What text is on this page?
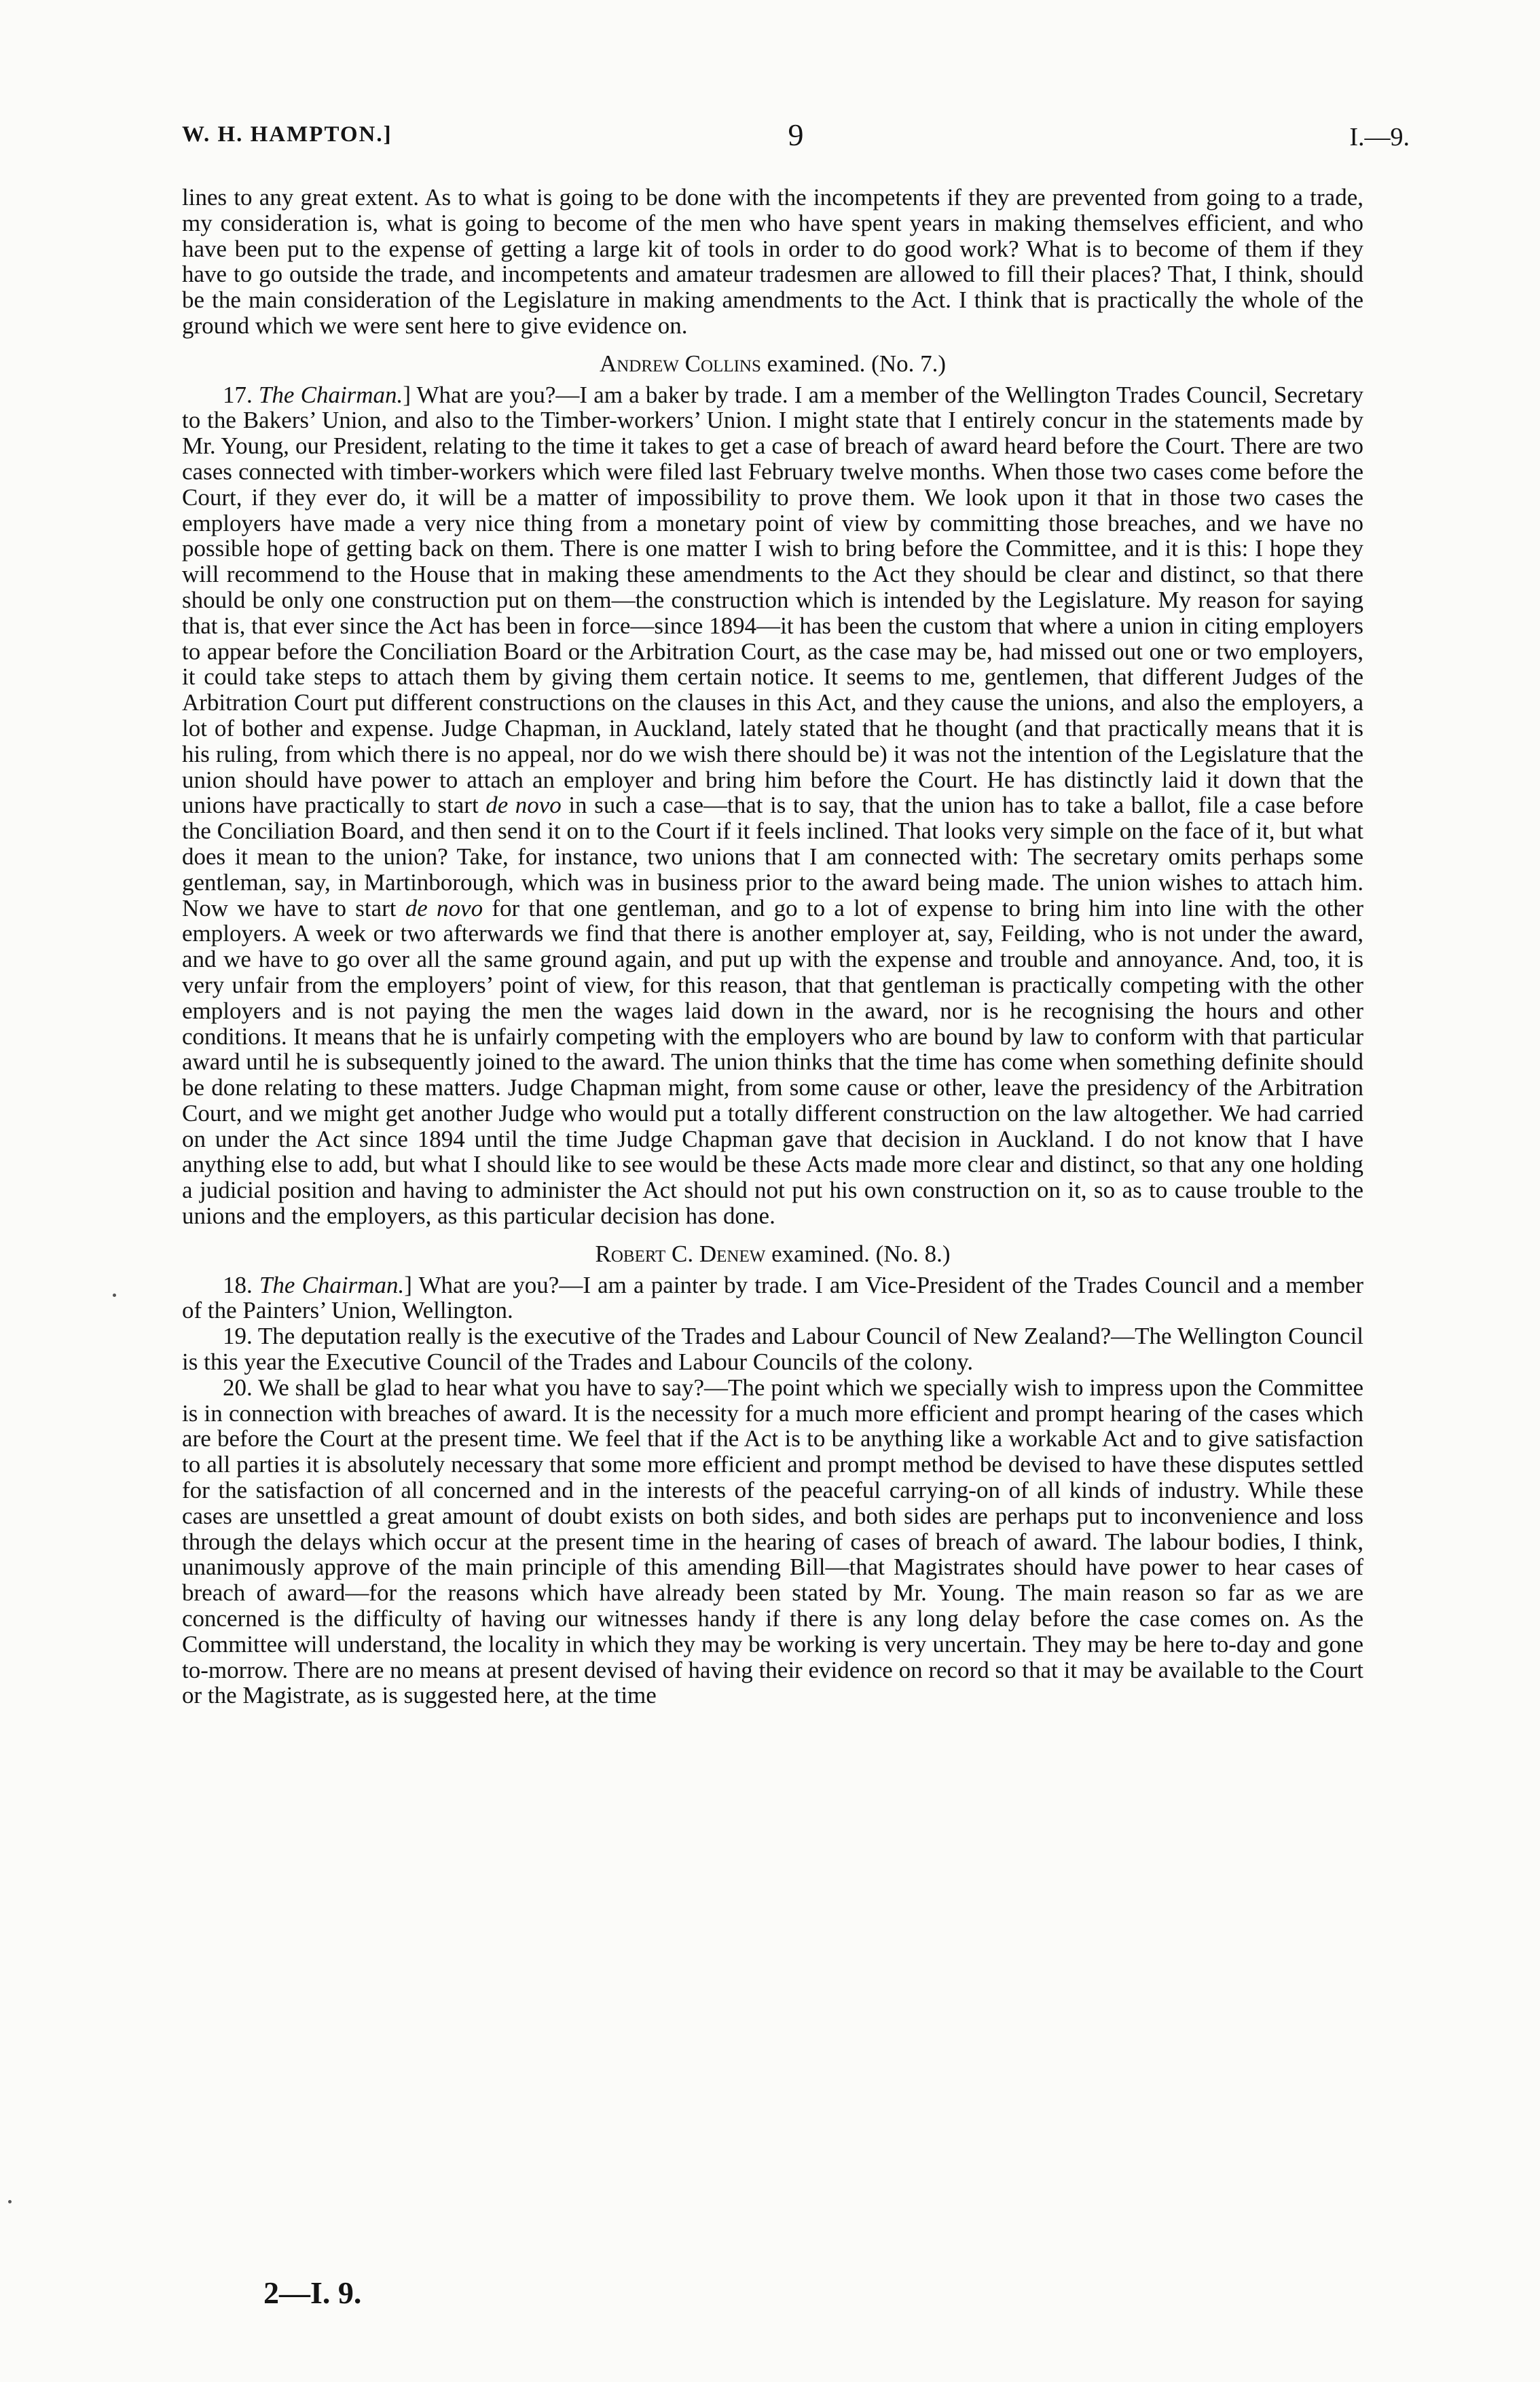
W. H. HAMPTON.]	9	I.—9.

lines to any great extent. As to what is going to be done with the incompetents if they are prevented from going to a trade, my consideration is, what is going to become of the men who have spent years in making themselves efficient, and who have been put to the expense of getting a large kit of tools in order to do good work? What is to become of them if they have to go outside the trade, and incompetents and amateur tradesmen are allowed to fill their places? That, I think, should be the main consideration of the Legislature in making amendments to the Act. I think that is practically the whole of the ground which we were sent here to give evidence on.

Andrew Collins examined. (No. 7.)

17. The Chairman.] What are you?—I am a baker by trade. I am a member of the Wellington Trades Council, Secretary to the Bakers’ Union, and also to the Timber-workers’ Union. I might state that I entirely concur in the statements made by Mr. Young, our President, relating to the time it takes to get a case of breach of award heard before the Court. There are two cases connected with timber-workers which were filed last February twelve months. When those two cases come before the Court, if they ever do, it will be a matter of impossibility to prove them. We look upon it that in those two cases the employers have made a very nice thing from a monetary point of view by committing those breaches, and we have no possible hope of getting back on them. There is one matter I wish to bring before the Committee, and it is this: I hope they will recommend to the House that in making these amendments to the Act they should be clear and distinct, so that there should be only one construction put on them—the construction which is intended by the Legislature. My reason for saying that is, that ever since the Act has been in force—since 1894—it has been the custom that where a union in citing employers to appear before the Conciliation Board or the Arbitration Court, as the case may be, had missed out one or two employers, it could take steps to attach them by giving them certain notice. It seems to me, gentlemen, that different Judges of the Arbitration Court put different constructions on the clauses in this Act, and they cause the unions, and also the employers, a lot of bother and expense. Judge Chapman, in Auckland, lately stated that he thought (and that practically means that it is his ruling, from which there is no appeal, nor do we wish there should be) it was not the intention of the Legislature that the union should have power to attach an employer and bring him before the Court. He has distinctly laid it down that the unions have practically to start de novo in such a case—that is to say, that the union has to take a ballot, file a case before the Conciliation Board, and then send it on to the Court if it feels inclined. That looks very simple on the face of it, but what does it mean to the union? Take, for instance, two unions that I am connected with: The secretary omits perhaps some gentleman, say, in Martinborough, which was in business prior to the award being made. The union wishes to attach him. Now we have to start de novo for that one gentleman, and go to a lot of expense to bring him into line with the other employers. A week or two afterwards we find that there is another employer at, say, Feilding, who is not under the award, and we have to go over all the same ground again, and put up with the expense and trouble and annoyance. And, too, it is very unfair from the employers’ point of view, for this reason, that that gentleman is practically competing with the other employers and is not paying the men the wages laid down in the award, nor is he recognising the hours and other conditions. It means that he is unfairly competing with the employers who are bound by law to conform with that particular award until he is subsequently joined to the award. The union thinks that the time has come when something definite should be done relating to these matters. Judge Chapman might, from some cause or other, leave the presidency of the Arbitration Court, and we might get another Judge who would put a totally different construction on the law altogether. We had carried on under the Act since 1894 until the time Judge Chapman gave that decision in Auckland. I do not know that I have anything else to add, but what I should like to see would be these Acts made more clear and distinct, so that any one holding a judicial position and having to administer the Act should not put his own construction on it, so as to cause trouble to the unions and the employers, as this particular decision has done.

Robert C. Denew examined. (No. 8.)

18. The Chairman.] What are you?—I am a painter by trade. I am Vice-President of the Trades Council and a member of the Painters’ Union, Wellington.

19. The deputation really is the executive of the Trades and Labour Council of New Zealand?—The Wellington Council is this year the Executive Council of the Trades and Labour Councils of the colony.

20. We shall be glad to hear what you have to say?—The point which we specially wish to impress upon the Committee is in connection with breaches of award. It is the necessity for a much more efficient and prompt hearing of the cases which are before the Court at the present time. We feel that if the Act is to be anything like a workable Act and to give satisfaction to all parties it is absolutely necessary that some more efficient and prompt method be devised to have these disputes settled for the satisfaction of all concerned and in the interests of the peaceful carrying-on of all kinds of industry. While these cases are unsettled a great amount of doubt exists on both sides, and both sides are perhaps put to inconvenience and loss through the delays which occur at the present time in the hearing of cases of breach of award. The labour bodies, I think, unanimously approve of the main principle of this amending Bill—that Magistrates should have power to hear cases of breach of award—for the reasons which have already been stated by Mr. Young. The main reason so far as we are concerned is the difficulty of having our witnesses handy if there is any long delay before the case comes on. As the Committee will understand, the locality in which they may be working is very uncertain. They may be here to-day and gone to-morrow. There are no means at present devised of having their evidence on record so that it may be available to the Court or the Magistrate, as is suggested here, at the time

2—I. 9.
